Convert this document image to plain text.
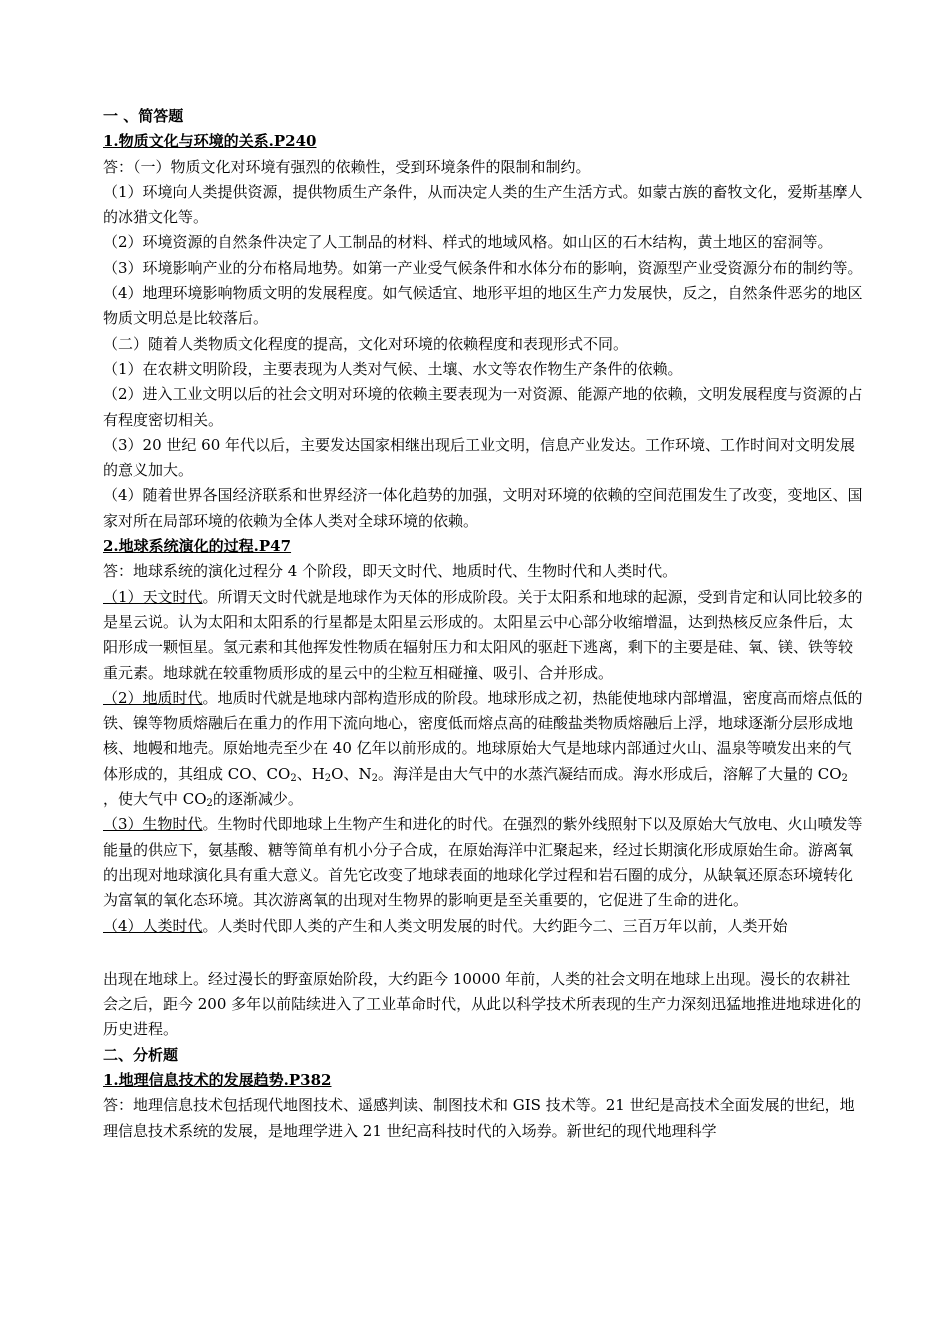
一 、简答题

1.物质文化与环境的关系.P240

答：（一）物质文化对环境有强烈的依赖性，受到环境条件的限制和制约。

（1）环境向人类提供资源，提供物质生产条件，从而决定人类的生产生活方式。如蒙古族的畜牧文化，爱斯基摩人的冰猎文化等。

（2）环境资源的自然条件决定了人工制品的材料、样式的地域风格。如山区的石木结构，黄土地区的窑洞等。

（3）环境影响产业的分布格局地势。如第一产业受气候条件和水体分布的影响，资源型产业受资源分布的制约等。

（4）地理环境影响物质文明的发展程度。如气候适宜、地形平坦的地区生产力发展快，反之，自然条件恶劣的地区物质文明总是比较落后。

（二）随着人类物质文化程度的提高，文化对环境的依赖程度和表现形式不同。

（1）在农耕文明阶段，主要表现为人类对气候、土壤、水文等农作物生产条件的依赖。

（2）进入工业文明以后的社会文明对环境的依赖主要表现为一对资源、能源产地的依赖，文明发展程度与资源的占有程度密切相关。

（3）20 世纪 60 年代以后，主要发达国家相继出现后工业文明，信息产业发达。工作环境、工作时间对文明发展的意义加大。

（4）随着世界各国经济联系和世界经济一体化趋势的加强，文明对环境的依赖的空间范围发生了改变，变地区、国家对所在局部环境的依赖为全体人类对全球环境的依赖。

2.地球系统演化的过程.P47

答：地球系统的演化过程分 4 个阶段，即天文时代、地质时代、生物时代和人类时代。

（1）天文时代。所谓天文时代就是地球作为天体的形成阶段。关于太阳系和地球的起源，受到肯定和认同比较多的是星云说。认为太阳和太阳系的行星都是太阳星云形成的。太阳星云中心部分收缩增温，达到热核反应条件后，太阳形成一颗恒星。氢元素和其他挥发性物质在辐射压力和太阳风的驱赶下逃离，剩下的主要是硅、氧、镁、铁等较重元素。地球就在较重物质形成的星云中的尘粒互相碰撞、吸引、合并形成。

（2）地质时代。地质时代就是地球内部构造形成的阶段。地球形成之初，热能使地球内部增温，密度高而熔点低的铁、镍等物质熔融后在重力的作用下流向地心，密度低而熔点高的硅酸盐类物质熔融后上浮，地球逐渐分层形成地核、地幔和地壳。原始地壳至少在 40 亿年以前形成的。地球原始大气是地球内部通过火山、温泉等喷发出来的气体形成的，其组成 CO、$CO_2$、$H_2O$、$N_2$。海洋是由大气中的水蒸汽凝结而成。海水形成后，溶解了大量的 $CO_2$ ，使大气中 $CO_2$的逐渐减少。

（3）生物时代。生物时代即地球上生物产生和进化的时代。在强烈的紫外线照射下以及原始大气放电、火山喷发等能量的供应下，氨基酸、糖等简单有机小分子合成，在原始海洋中汇聚起来，经过长期演化形成原始生命。游离氧的出现对地球演化具有重大意义。首先它改变了地球表面的地球化学过程和岩石圈的成分，从缺氧还原态环境转化为富氧的氧化态环境。其次游离氧的出现对生物界的影响更是至关重要的，它促进了生命的进化。

（4）人类时代。人类时代即人类的产生和人类文明发展的时代。大约距今二、三百万年以前，人类开始

出现在地球上。经过漫长的野蛮原始阶段，大约距今 10000 年前，人类的社会文明在地球上出现。漫长的农耕社会之后，距今 200 多年以前陆续进入了工业革命时代，从此以科学技术所表现的生产力深刻迅猛地推进地球进化的历史进程。

二、分析题

1.地理信息技术的发展趋势.P382

答：地理信息技术包括现代地图技术、遥感判读、制图技术和 GIS 技术等。21 世纪是高技术全面发展的世纪，地理信息技术系统的发展，是地理学进入 21 世纪高科技时代的入场券。新世纪的现代地理科学
